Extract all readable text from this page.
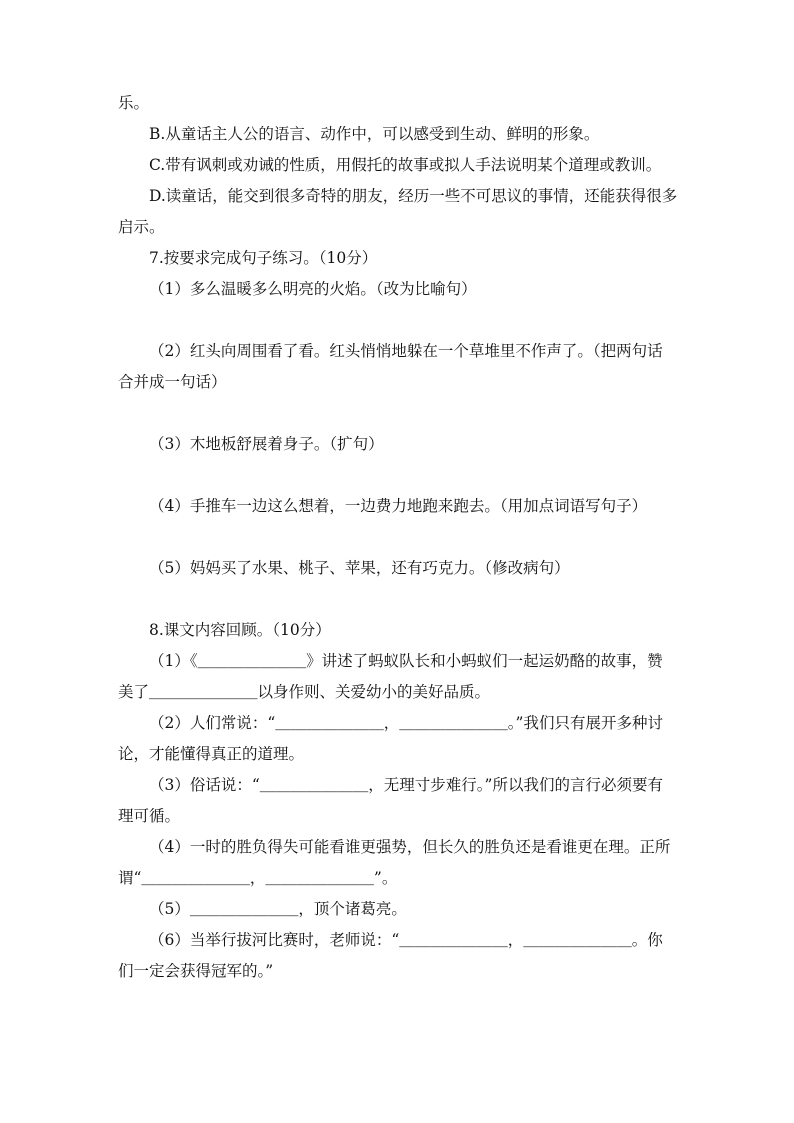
乐。

B.从童话主人公的语言、动作中，可以感受到生动、鲜明的形象。

C.带有讽刺或劝诫的性质，用假托的故事或拟人手法说明某个道理或教训。

D.读童话，能交到很多奇特的朋友，经历一些不可思议的事情，还能获得很多启示。

7.按要求完成句子练习。（10分）

（1）多么温暖多么明亮的火焰。（改为比喻句）

（2）红头向周围看了看。红头悄悄地躲在一个草堆里不作声了。（把两句话合并成一句话）

（3）木地板舒展着身子。（扩句）

（4）手推车一边这么想着，一边费力地跑来跑去。（用加点词语写句子）

（5）妈妈买了水果、桃子、苹果，还有巧克力。（修改病句）

8.课文内容回顾。（10分）

（1）《＿＿＿＿＿＿＿》讲述了蚂蚁队长和小蚂蚁们一起运奶酪的故事，赞美了＿＿＿＿＿＿＿以身作则、关爱幼小的美好品质。

（2）人们常说：“＿＿＿＿＿＿＿，＿＿＿＿＿＿＿。”我们只有展开多种讨论，才能懂得真正的道理。

（3）俗话说：“＿＿＿＿＿＿＿，无理寸步难行。”所以我们的言行必须要有理可循。

（4）一时的胜负得失可能看谁更强势，但长久的胜负还是看谁更在理。正所谓“＿＿＿＿＿＿＿，＿＿＿＿＿＿＿”。

（5）＿＿＿＿＿＿＿，顶个诸葛亮。

（6）当举行拔河比赛时，老师说：“＿＿＿＿＿＿＿，＿＿＿＿＿＿＿。你们一定会获得冠军的。”
